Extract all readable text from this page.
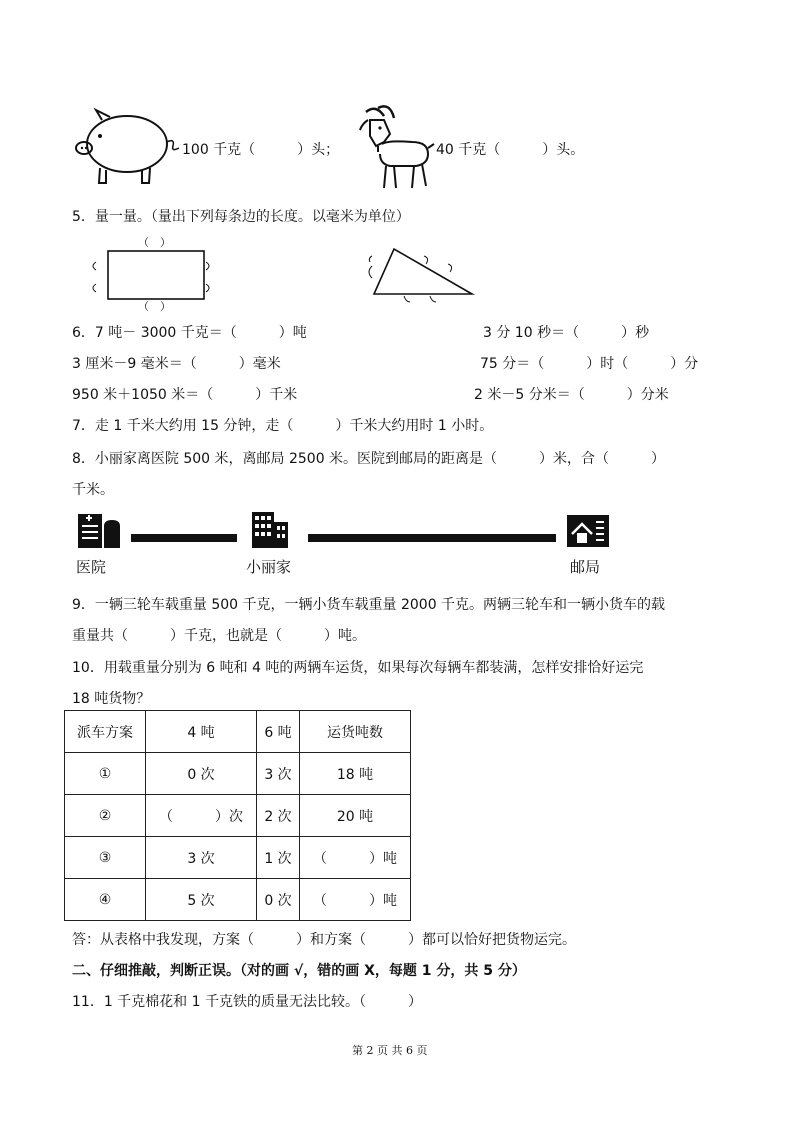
100 千克（　　　）头；	40 千克（　　　）头。
5．量一量。（量出下列每条边的长度。以毫米为单位）
（　）
（　）
6．7 吨－ 3000 千克＝（　　　）吨	3 分 10 秒＝（　　　）秒
3 厘米－9 毫米＝（　　　）毫米	75 分＝（　　　）时（　　　）分
950 米＋1050 米＝（　　　）千米	2 米－5 分米＝（　　　）分米
7．走 1 千米大约用 15 分钟，走（　　　）千米大约用时 1 小时。
8．小丽家离医院 500 米，离邮局 2500 米。医院到邮局的距离是（　　　）米，合（　　　）
千米。
医院	小丽家	邮局
9．一辆三轮车载重量 500 千克，一辆小货车载重量 2000 千克。两辆三轮车和一辆小货车的载
重量共（　　　）千克，也就是（　　　）吨。
10．用载重量分别为 6 吨和 4 吨的两辆车运货，如果每次每辆车都装满，怎样安排恰好运完
18 吨货物？
派车方案	4 吨	6 吨	运货吨数
①	0 次	3 次	18 吨
②	（　　　）次	2 次	20 吨
③	3 次	1 次	（　　　）吨
④	5 次	0 次	（　　　）吨
答：从表格中我发现，方案（　　　）和方案（　　　）都可以恰好把货物运完。
二、仔细推敲，判断正误。（对的画 √，错的画 X，每题 1 分，共 5 分）
11．1 千克棉花和 1 千克铁的质量无法比较。（　　　）
第 2 页 共 6 页
